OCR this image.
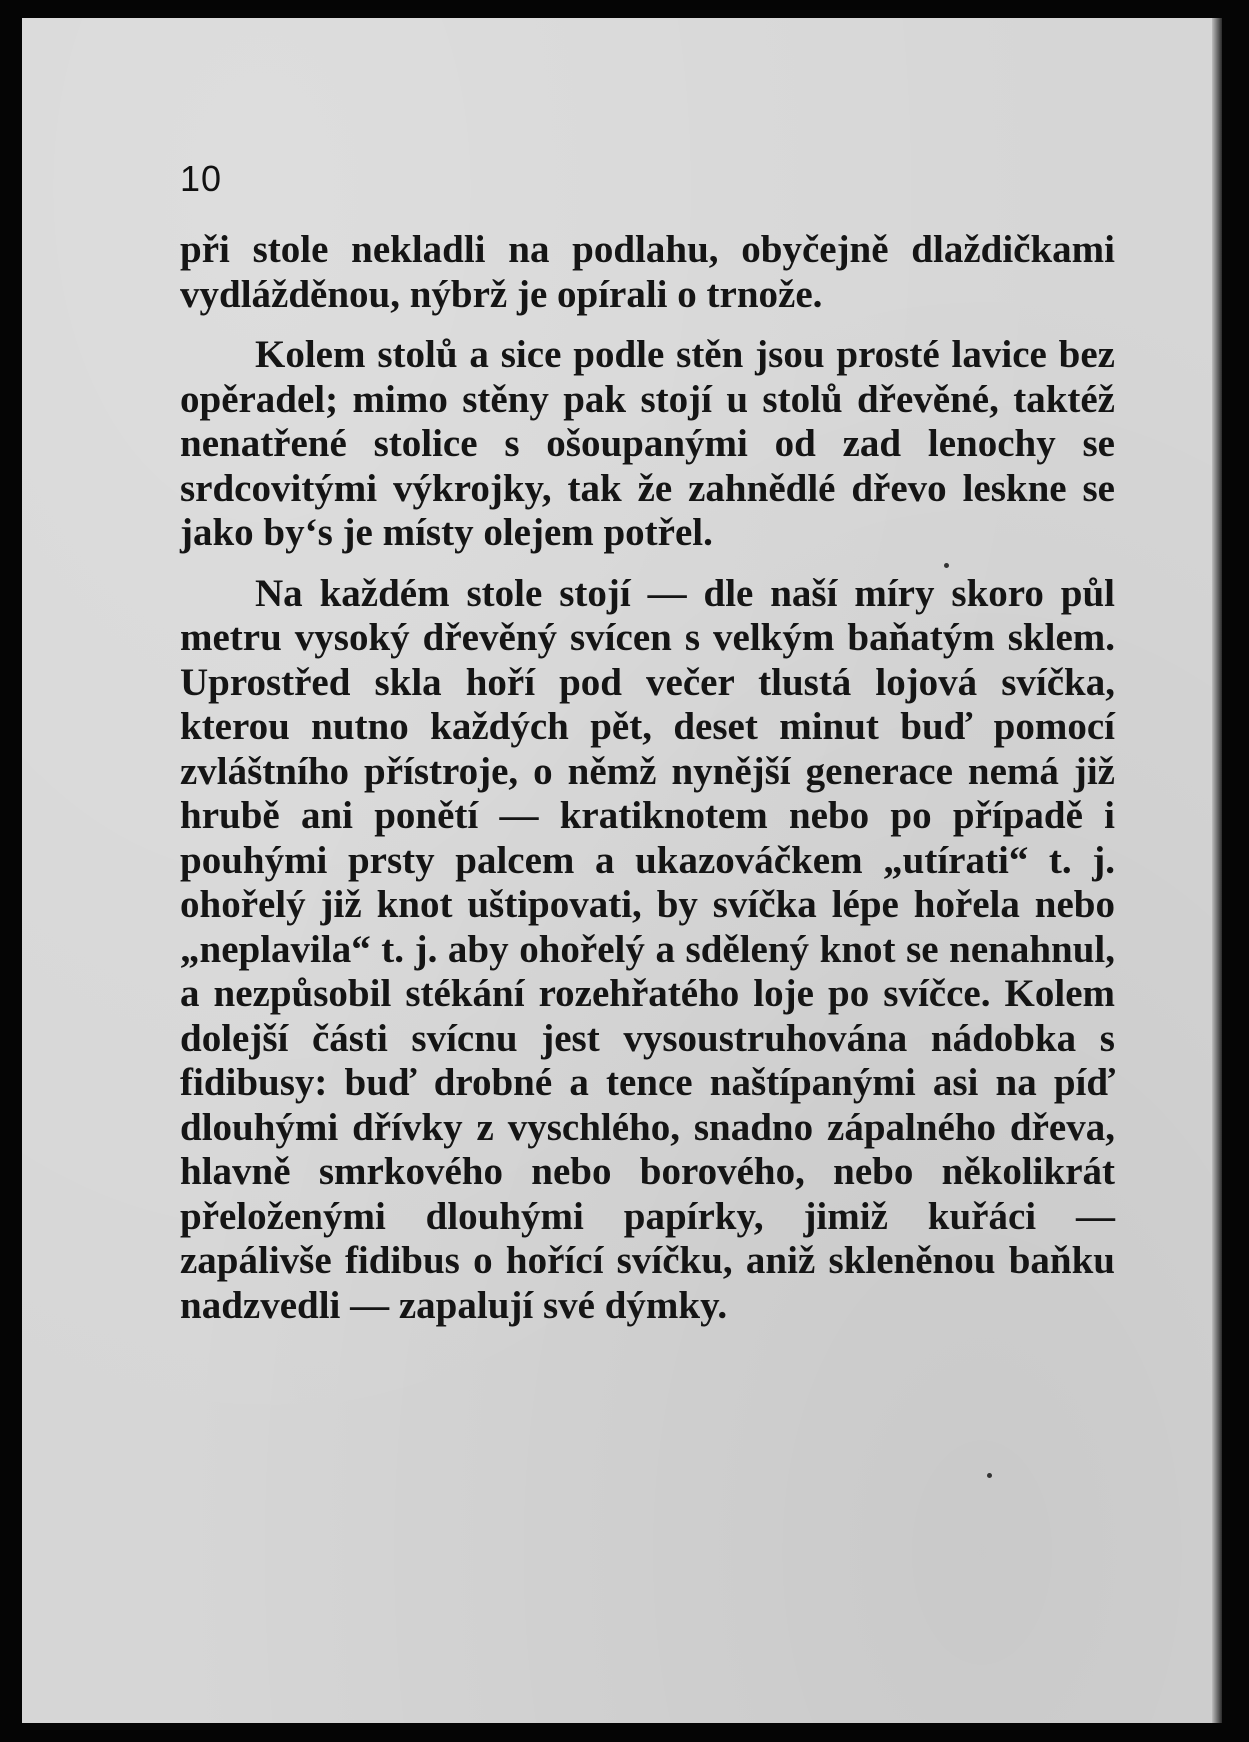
10

při stole nekladli na podlahu, obyčejně dlaždičkami vydlážděnou, nýbrž je opírali o trnože.

Kolem stolů a sice podle stěn jsou prosté lavice bez opěradel; mimo stěny pak stojí u stolů dřevěné, taktéž nenatřené stolice s ošoupanými od zad lenochy se srdcovitými výkrojky, tak že zahnědlé dřevo leskne se jako by‘s je místy olejem potřel.

Na každém stole stojí — dle naší míry skoro půl metru vysoký dřevěný svícen s velkým baňatým sklem. Uprostřed skla hoří pod večer tlustá lojová svíčka, kterou nutno každých pět, deset minut buď pomocí zvláštního přístroje, o němž nynější generace nemá již hrubě ani ponětí — kratiknotem nebo po případě i pouhými prsty palcem a ukazováčkem „utírati“ t. j. ohořelý již knot uštipovati, by svíčka lépe hořela nebo „neplavila“ t. j. aby ohořelý a sdělený knot se nenahnul, a nezpůsobil stékání rozehřatého loje po svíčce. Kolem dolejší části svícnu jest vysoustruhovánа nádobka s fidibusy: buď drobné a tence naštípanými asi na píď dlouhými dřívky z vyschlého, snadno zápalného dřeva, hlavně smrkového nebo borového, nebo několikrát přeloženými dlouhými papírky, jimiž kuřáci — zapálivše fidibus o hořící svíčku, aniž skleněnou baňku nadzvedli — zapalují své dýmky.
